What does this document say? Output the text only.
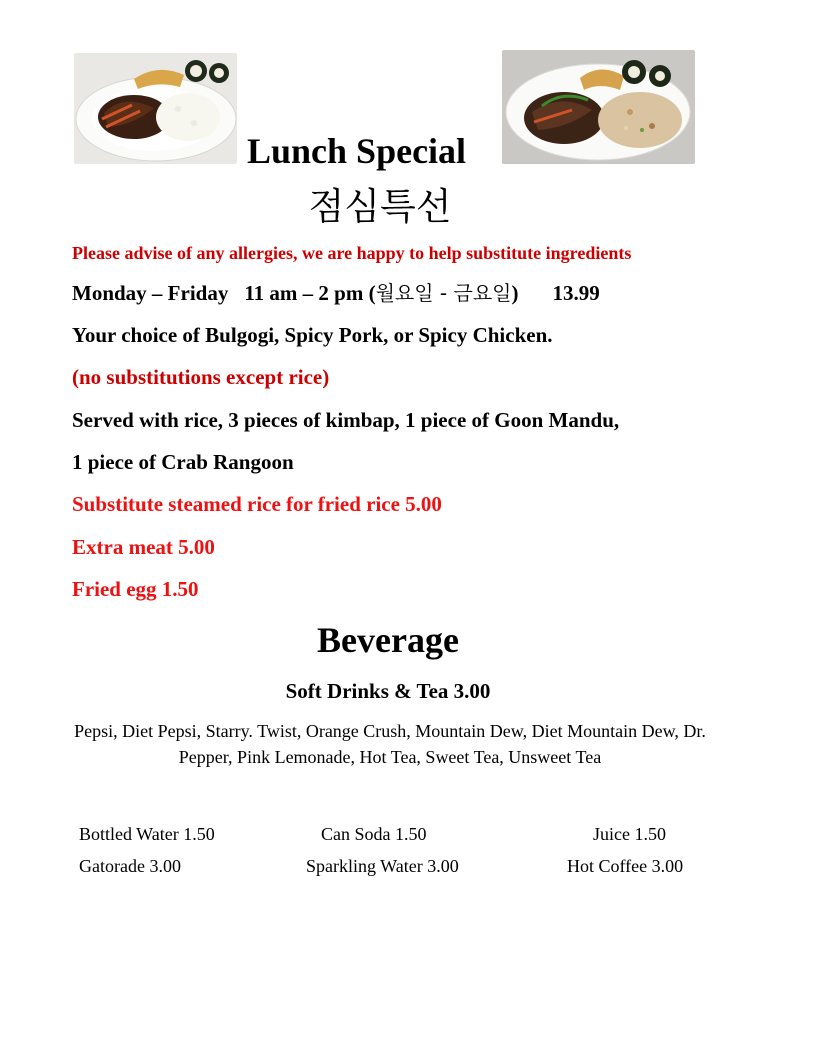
Lunch Special
점심특선
Please advise of any allergies, we are happy to help substitute ingredients
Monday – Friday 11 am – 2 pm (월요일 - 금요일) 13.99
Your choice of Bulgogi, Spicy Pork, or Spicy Chicken.
(no substitutions except rice)
Served with rice, 3 pieces of kimbap, 1 piece of Goon Mandu,
1 piece of Crab Rangoon
Substitute steamed rice for fried rice 5.00
Extra meat 5.00
Fried egg 1.50
Beverage
Soft Drinks & Tea 3.00
Pepsi, Diet Pepsi, Starry. Twist, Orange Crush, Mountain Dew, Diet Mountain Dew, Dr. Pepper, Pink Lemonade, Hot Tea, Sweet Tea, Unsweet Tea
Bottled Water 1.50	Can Soda 1.50	Juice 1.50
Gatorade 3.00	Sparkling Water 3.00	Hot Coffee 3.00
